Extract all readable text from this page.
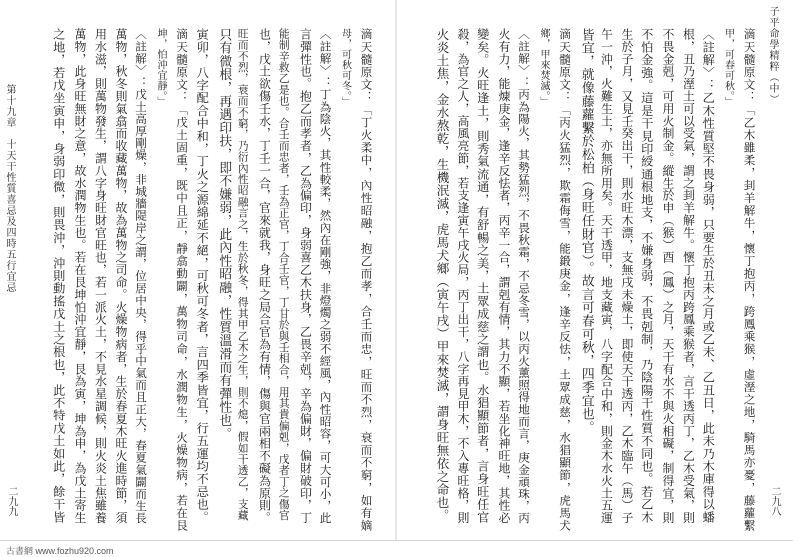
子平命學精粹（中）
二九八
滴天髓原文：「乙木雖柔，刲羊解牛，懷丁抱丙，跨鳳乘猴，虛溼之地，騎馬亦憂，藤蘿繫
甲，可春可秋。」
〈註解〉：乙木性質堅不畏身弱，只要生於丑未之月或乙未、乙丑日，此未乃木庫得以蟠
根，丑乃溼土可以受氣，謂之刲羊解牛。懷丁抱丙跨鳳乘猴者，言干透丙丁，乙木受氣，則
不畏金剋，可用火制金。縱生於申（猴）酉（鳳）之月，天干有水不與火相礙，制得宜，則
不怕金強。這是干見印綬通根地支，不嫌身弱，不畏剋制，乃陰陽干性質不同也。若乙木
生於子月，又見壬癸出干，則水旺木漂，支無戌未燥土，即使天干透丙，乙木臨午（馬）子
午一沖，火難生土，亦無所用矣。天干透甲，地支藏寅，八字配合中和，則金木水火土五運
皆宜，就像藤蘿繫於松柏（身旺任財官）。故言可春可秋，四季宜也。
滴天髓原文：「丙火猛烈，欺霜侮雪，能鍛庚金，逢辛反怯，土眾成慈，水猖顯節，虎馬犬
鄉，甲來焚滅。」
〈註解〉：丙為陽火，其勢猛烈，不畏秋霜，不忌冬雪，以丙火薰照得地而言，庚金頑珠，丙
火有力，能煉庚金，逢辛反怯者，丙辛一合，謂剋有情，其力不顯，若坐化神旺地，其性必
變矣。火旺逢土，則秀氣流通，有舒暢之美，土眾成慈之謂也。水猖顯節者，言身旺任官
殺，為官之人，高風亮節，若支逢寅午戌火局，丙丁出干，八字再見甲木，不入專旺格，則
火炎土焦，金水熬乾，生機泯滅，虎馬犬鄉（寅午戌）甲來焚滅，謂身旺無依之命也。
二九九
第十九章　十天干性質喜忌及四時五行宜忌	滴天髓原文：「丁火柔中，內性昭融，抱乙而孝，合壬而忠，旺而不烈，衰而不窮，如有嫡
母，可秋可冬。」
〈註解〉：丁為陰火，其性較柔，然內在剛強，非燈燭之弱不經風，內性昭容，可大可小，此
言彈性也。抱乙而孝者，乙為偏印，身弱喜乙木扶身，乙畏辛剋，辛為偏財，偏財破印，丁
能制辛救乙是也。合壬而忠者，壬為正官，丁合壬官，丁甘於與壬相合，用其貴偏剋，戊者丁之傷官
也，戊土欲傷壬水，丁壬一合，官來就我，身旺之局合官為有情，傷與官兩相不礙為原則。
旺而不烈，衰而不窮，乃衍內性昭融言之，生於秋冬，得其甲乙木之生，則不熄，假如干透乙，支藏
只有微根，再遇印扶，即不嫌弱，此內性昭融，性質溫滑而有彈性也。
寅卯，八字配合中和，丁火之源綿延不絕，可秋可冬者，言四季皆宜，行五運均不忌也。
滴天髓原文：「戊土固重，既中且正，靜翕動闢，萬物司命，水潤物生，火燥物病，若在艮
坤，怕沖宜靜。」
〈註解〉：戊土高厚剛燥，非城牆隄岸之謂，位居中央，得乎中氣而且正大，春夏氣闢而生長
萬物，秋冬則氣翕而收藏萬物，故為萬物之司命。火燥物病者，生於春夏木旺火進時節，須
用水滋，則萬物發生，謂八字身旺財官旺也，若一派火土，不見水星調候，則火炎土焦雖養
萬物，此身旺無財之意，故水潤物生也。若在艮坤怕沖宜靜，艮為寅，坤為申，為戊土寄生
之地，若戊坐寅申，身弱印微，則畏沖，沖則動搖戊土之根也，此不特戊土如此，餘干皆
古書網 www.fozhu920.com
